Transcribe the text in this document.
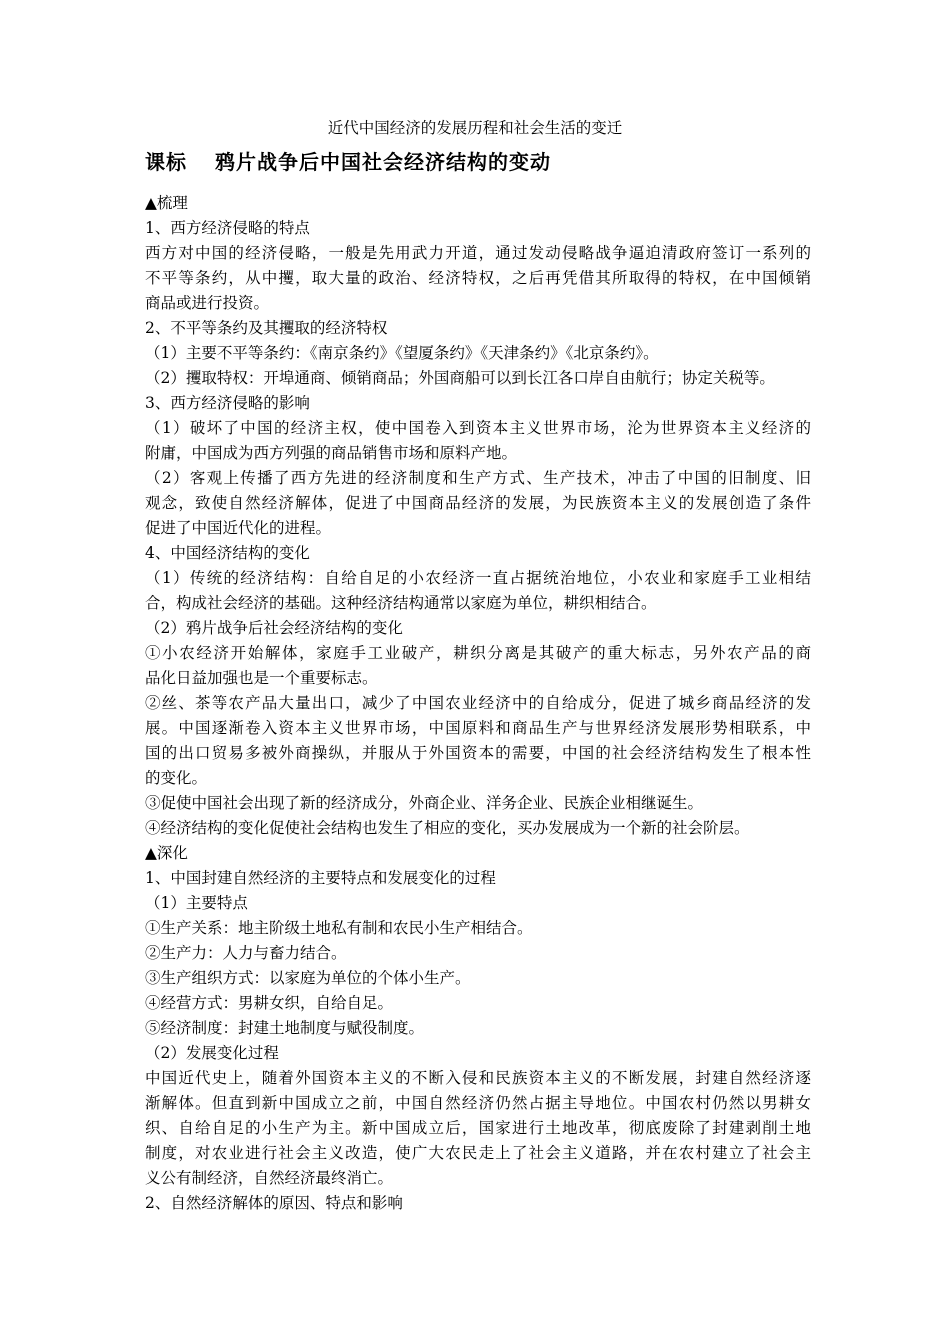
近代中国经济的发展历程和社会生活的变迁
课标 鸦片战争后中国社会经济结构的变动
▲梳理
1、西方经济侵略的特点
西方对中国的经济侵略，一般是先用武力开道，通过发动侵略战争逼迫清政府签订一系列的
不平等条约，从中攫，取大量的政治、经济特权，之后再凭借其所取得的特权，在中国倾销
商品或进行投资。
2、不平等条约及其攫取的经济特权
（1）主要不平等条约：《南京条约》《望厦条约》《天津条约》《北京条约》。
（2）攫取特权：开埠通商、倾销商品；外国商船可以到长江各口岸自由航行；协定关税等。
3、西方经济侵略的影响
（1）破坏了中国的经济主权，使中国卷入到资本主义世界市场，沦为世界资本主义经济的
附庸，中国成为西方列强的商品销售市场和原料产地。
（2）客观上传播了西方先进的经济制度和生产方式、生产技术，冲击了中国的旧制度、旧
观念，致使自然经济解体，促进了中国商品经济的发展，为民族资本主义的发展创造了条件
促进了中国近代化的进程。
4、中国经济结构的变化
（1）传统的经济结构：自给自足的小农经济一直占据统治地位，小农业和家庭手工业相结
合，构成社会经济的基础。这种经济结构通常以家庭为单位，耕织相结合。
（2）鸦片战争后社会经济结构的变化
①小农经济开始解体，家庭手工业破产，耕织分离是其破产的重大标志，另外农产品的商
品化日益加强也是一个重要标志。
②丝、茶等农产品大量出口，减少了中国农业经济中的自给成分，促进了城乡商品经济的发
展。中国逐渐卷入资本主义世界市场，中国原料和商品生产与世界经济发展形势相联系，中
国的出口贸易多被外商操纵，并服从于外国资本的需要，中国的社会经济结构发生了根本性
的变化。
③促使中国社会出现了新的经济成分，外商企业、洋务企业、民族企业相继诞生。
④经济结构的变化促使社会结构也发生了相应的变化，买办发展成为一个新的社会阶层。
▲深化
1、中国封建自然经济的主要特点和发展变化的过程
（1）主要特点
①生产关系：地主阶级土地私有制和农民小生产相结合。
②生产力：人力与畜力结合。
③生产组织方式：以家庭为单位的个体小生产。
④经营方式：男耕女织，自给自足。
⑤经济制度：封建土地制度与赋役制度。
（2）发展变化过程
中国近代史上，随着外国资本主义的不断入侵和民族资本主义的不断发展，封建自然经济逐
渐解体。但直到新中国成立之前，中国自然经济仍然占据主导地位。中国农村仍然以男耕女
织、自给自足的小生产为主。新中国成立后，国家进行土地改革，彻底废除了封建剥削土地
制度，对农业进行社会主义改造，使广大农民走上了社会主义道路，并在农村建立了社会主
义公有制经济，自然经济最终消亡。
2、自然经济解体的原因、特点和影响
